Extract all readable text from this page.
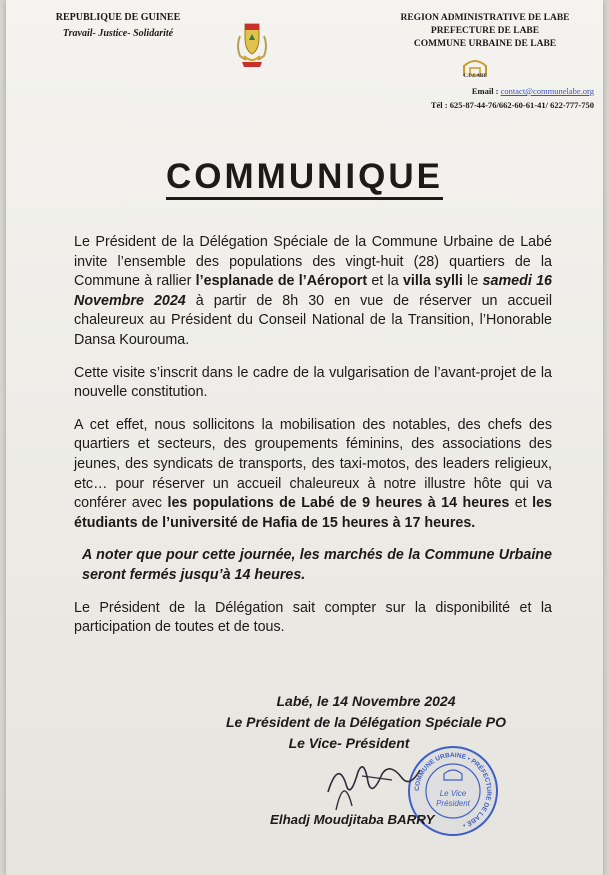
REPUBLIQUE DE GUINEE
Travail- Justice- Solidarité
REGION ADMINISTRATIVE DE LABE
PREFECTURE DE LABE
COMMUNE URBAINE DE LABE
C.U.LABE
Email : contact@communelabe.org
Tél : 625-87-44-76/662-60-61-41/ 622-777-750
COMMUNIQUE

Le Président de la Délégation Spéciale de la Commune Urbaine de Labé invite l’ensemble des populations des vingt-huit (28) quartiers de la Commune à rallier l’esplanade de l’Aéroport et la villa sylli le samedi 16 Novembre 2024 à partir de 8h 30 en vue de réserver un accueil chaleureux au Président du Conseil National de la Transition, l’Honorable Dansa Kourouma.

Cette visite s’inscrit dans le cadre de la vulgarisation de l’avant-projet de la nouvelle constitution.

A cet effet, nous sollicitons la mobilisation des notables, des chefs des quartiers et secteurs, des groupements féminins, des associations des jeunes, des syndicats de transports, des taxi-motos, des leaders religieux, etc… pour réserver un accueil chaleureux à notre illustre hôte qui va conférer avec les populations de Labé de 9 heures à 14 heures et les étudiants de l’université de Hafia de 15 heures à 17 heures.

A noter que pour cette journée, les marchés de la Commune Urbaine seront fermés jusqu’à 14 heures.

Le Président de la Délégation sait compter sur la disponibilité et la participation de toutes et de tous.

Labé, le 14 Novembre 2024
Le Président de la Délégation Spéciale PO
Le Vice- Président
COMMUNE URBAINE • PRÉFECTURE DE LABÉ •
Le Vice
Président
Elhadj Moudjitaba BARRY
